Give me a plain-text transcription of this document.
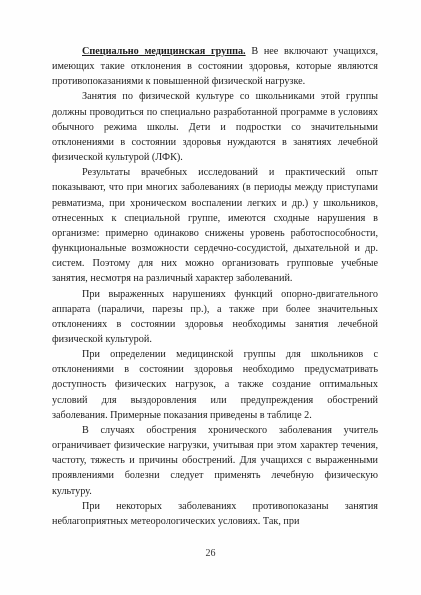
Специально медицинская группа. В нее включают учащихся, имеющих такие отклонения в состоянии здоровья, которые являются противопоказаниями к повышенной физической нагрузке.

Занятия по физической культуре со школьниками этой группы должны проводиться по специально разработанной программе в условиях обычного режима школы. Дети и подростки со значительными отклонениями в состоянии здоровья нуждаются в занятиях лечебной физической культурой (ЛФК).

Результаты врачебных исследований и практический опыт показывают, что при многих заболеваниях (в периоды между приступами ревматизма, при хроническом воспалении легких и др.) у школьников, отнесенных к специальной группе, имеются сходные нарушения в организме: примерно одинаково снижены уровень работоспособности, функциональные возможности сердечно-сосудистой, дыхательной и др. систем. Поэтому для них можно организовать групповые учебные занятия, несмотря на различный характер заболеваний.

При выраженных нарушениях функций опорно-двигательного аппарата (параличи, парезы пр.), а также при более значительных отклонениях в состоянии здоровья необходимы занятия лечебной физической культурой.

При определении медицинской группы для школьников с отклонениями в состоянии здоровья необходимо предусматривать доступность физических нагрузок, а также создание оптимальных условий для выздоровления или предупреждения обострений заболевания. Примерные показания приведены в таблице 2.

В случаях обострения хронического заболевания учитель ограничивает физические нагрузки, учитывая при этом характер течения, частоту, тяжесть и причины обострений. Для учащихся с выраженными проявлениями болезни следует применять лечебную физическую культуру.

При некоторых заболеваниях противопоказаны занятия неблагоприятных метеорологических условиях. Так, при

26
